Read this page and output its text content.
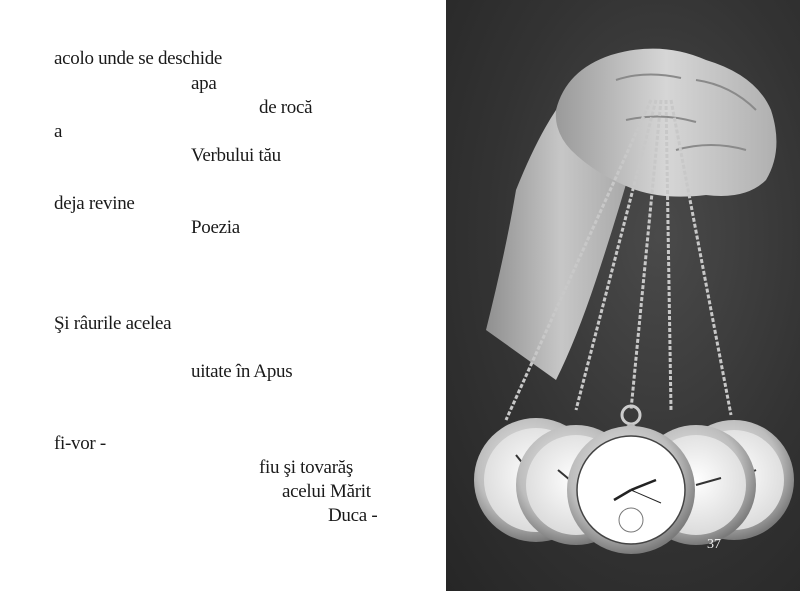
acolo unde se deschide
apa
de rocă
a
Verbului tău
deja revine
Poezia
Şi râurile acelea
uitate în Apus
fi-vor -
fiu şi tovarăş
acelui Mărit
Duca -
37
